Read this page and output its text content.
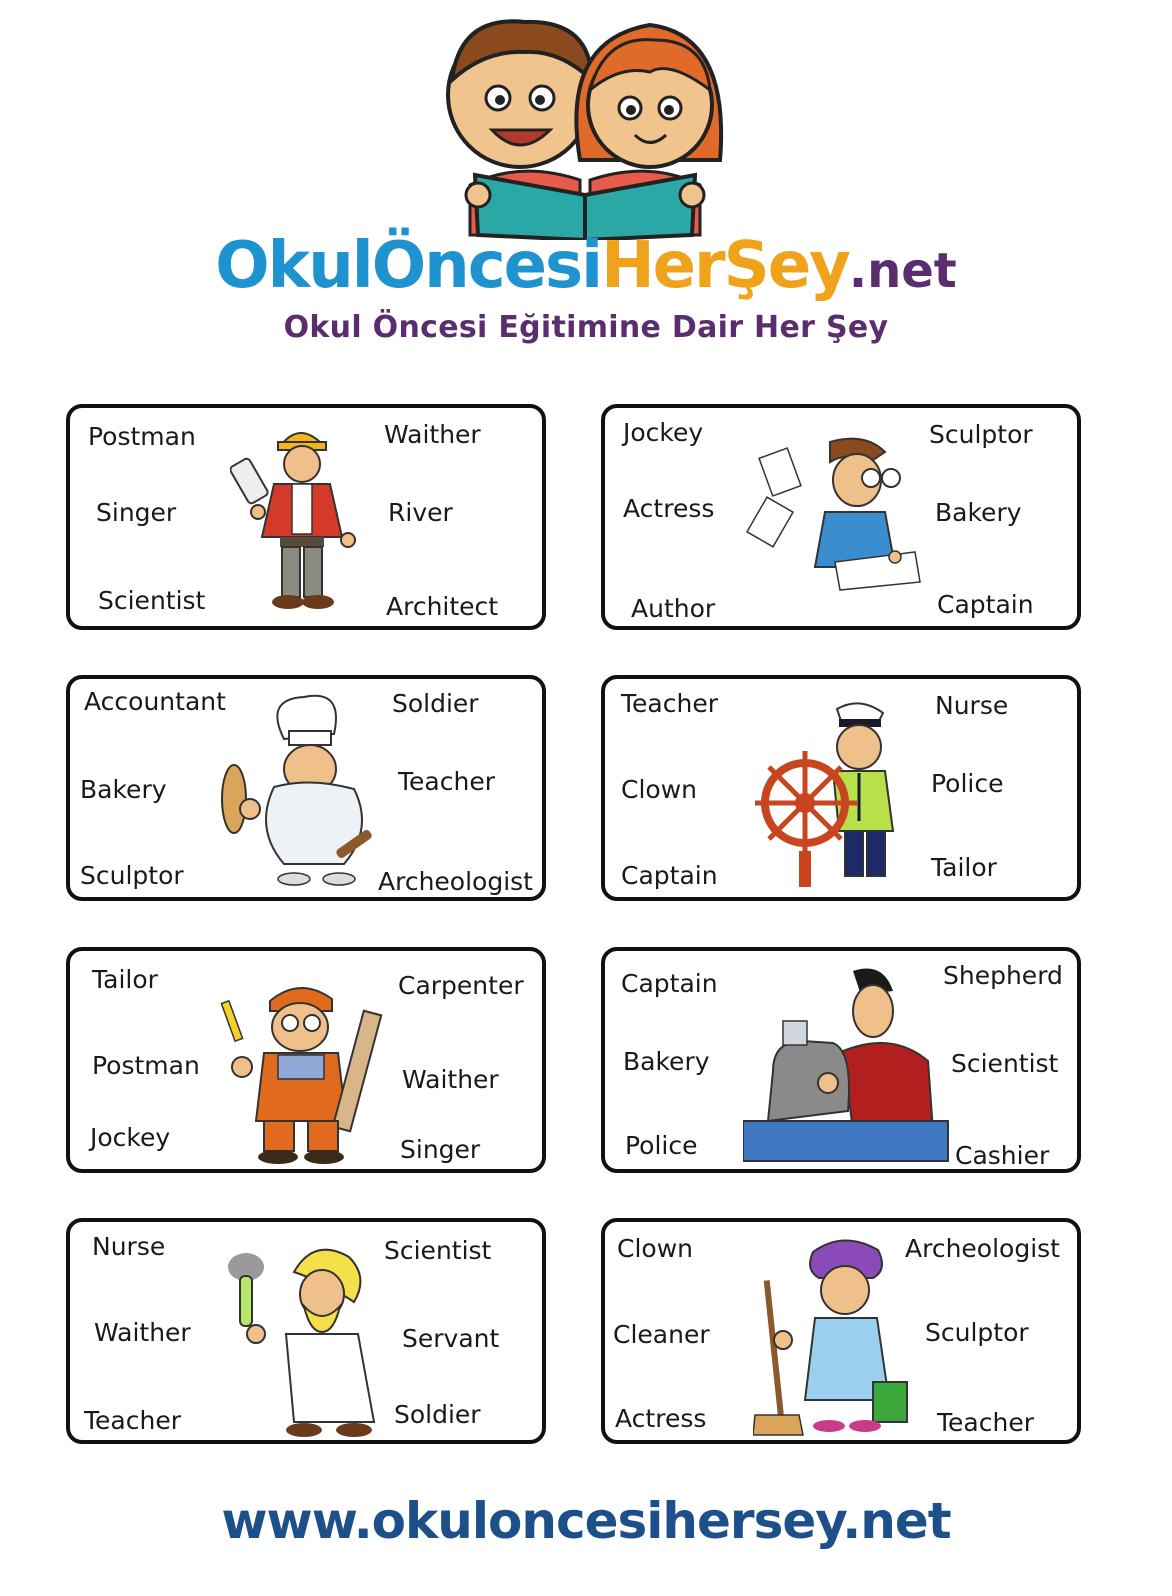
OkulÖncesiHerŞey.net
Okul Öncesi Eğitimine Dair Her Şey
Postman
Singer
Scientist
Waither
River
Architect
Jockey
Actress
Author
Sculptor
Bakery
Captain
Accountant
Bakery
Sculptor
Soldier
Teacher
Archeologist
Teacher
Clown
Captain
Nurse
Police
Tailor
Tailor
Postman
Jockey
Carpenter
Waither
Singer
Captain
Bakery
Police
Shepherd
Scientist
Cashier
Nurse
Waither
Teacher
Scientist
Servant
Soldier
Clown
Cleaner
Actress
Archeologist
Sculptor
Teacher
www.okuloncesihersey.net
